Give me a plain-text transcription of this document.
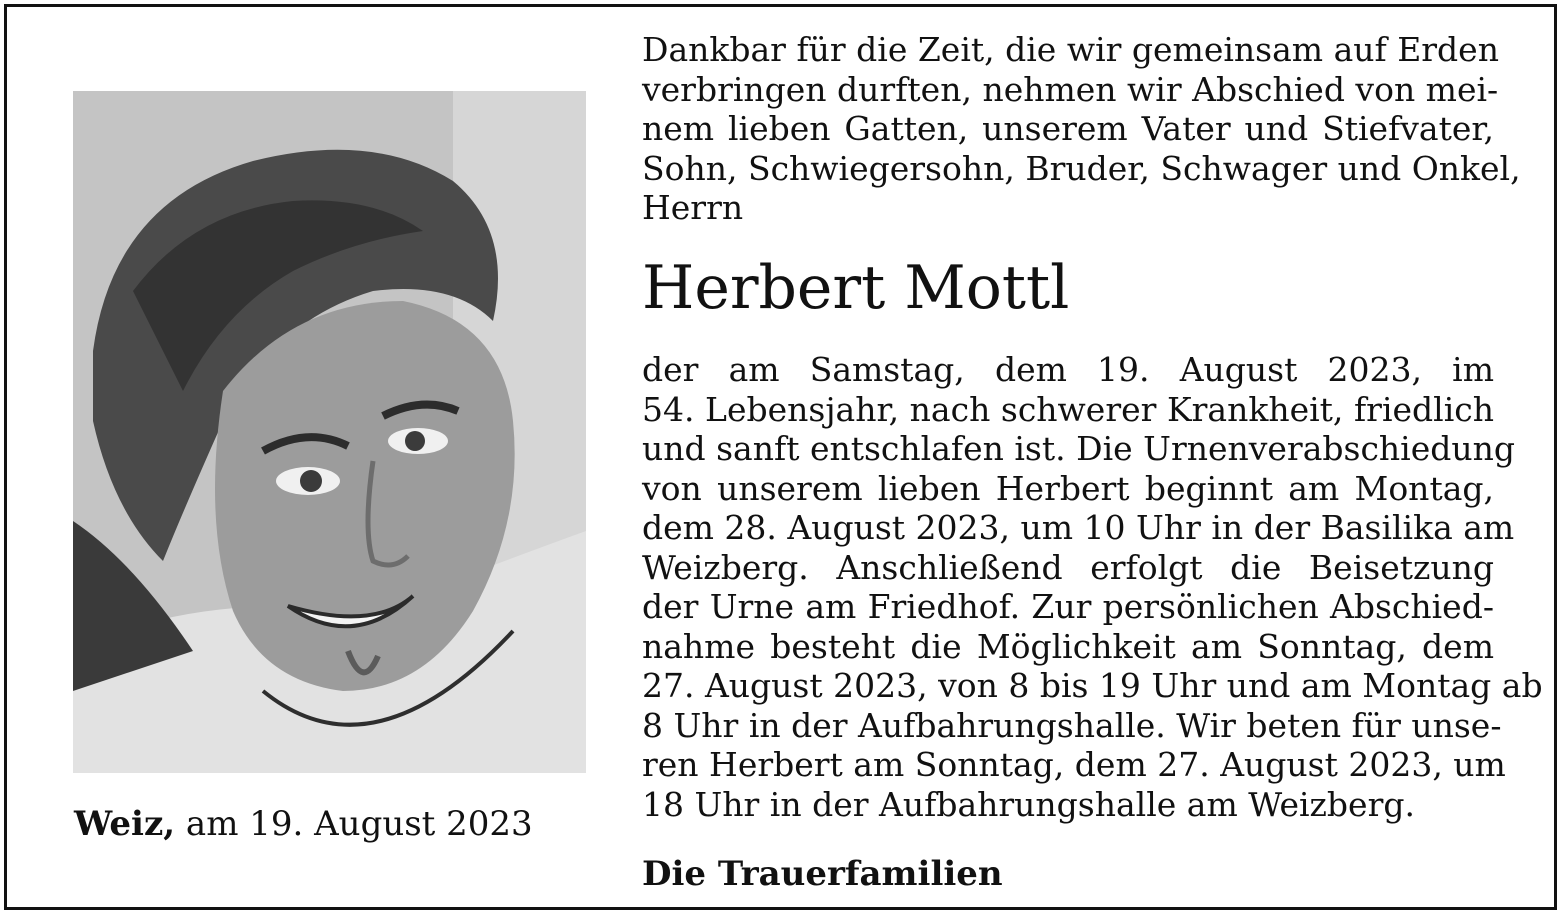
Weiz, am 19. August 2023
Dankbar für die Zeit, die wir gemeinsam auf Erden
verbringen durften, nehmen wir Abschied von mei-
nem lieben Gatten, unserem Vater und Stiefvater,
Sohn, Schwiegersohn, Bruder, Schwager und Onkel,
Herrn
Herbert Mottl
der am Samstag, dem 19. August 2023, im
54. Lebensjahr, nach schwerer Krankheit, friedlich
und sanft entschlafen ist. Die Urnenverabschiedung
von unserem lieben Herbert beginnt am Montag,
dem 28. August 2023, um 10 Uhr in der Basilika am
Weizberg. Anschließend erfolgt die Beisetzung
der Urne am Friedhof. Zur persönlichen Abschied-
nahme besteht die Möglichkeit am Sonntag, dem
27. August 2023, von 8 bis 19 Uhr und am Montag ab
8 Uhr in der Aufbahrungshalle. Wir beten für unse-
ren Herbert am Sonntag, dem 27. August 2023, um
18 Uhr in der Aufbahrungshalle am Weizberg.
Die Trauerfamilien
